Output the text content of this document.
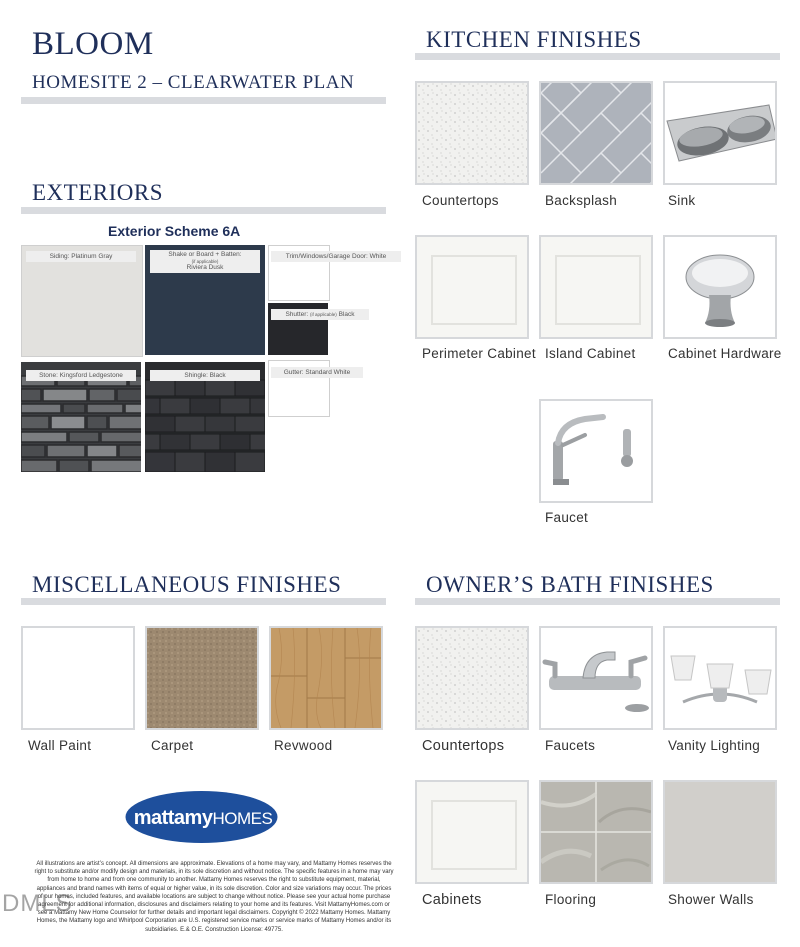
BLOOM
HOMESITE 2 – CLEARWATER PLAN
EXTERIORS
Exterior Scheme 6A
Siding: Platinum Gray	Shake or Board + Batten:
(if applicable)
Riviera Dusk
Trim/Windows/Garage Door: White
Shutter: (if applicable) Black
Gutter: Standard White
Stone: Kingsford Ledgestone	Shingle: Black
KITCHEN FINISHES
Countertops	Backsplash	Sink
Perimeter Cabinet Island Cabinet Cabinet Hardware
Faucet
MISCELLANEOUS FINISHES
Wall Paint	Carpet	Revwood
mattamyHOMES
All illustrations are artist’s concept. All dimensions are approximate. Elevations of a home may vary, and Mattamy Homes reserves the right to substitute and/or modify design and materials, in its sole discretion and without notice. The specific features in a home may vary from home to home and from one community to another. Mattamy Homes reserves the right to substitute equipment, material, appliances and brand names with items of equal or higher value, in its sole discretion. Color and size variations may occur. The prices of our homes, included features, and available locations are subject to change without notice. Please see your actual home purchase agreement for additional information, disclosures and disclaimers relating to your home and its features. Visit MattamyHomes.com or see a Mattamy New Home Counselor for further details and important legal disclaimers. Copyright © 2022 Mattamy Homes. Mattamy Homes, the Mattamy logo and Whirlpool Corporation are U.S. registered service marks or service marks of Mattamy Homes and/or its subsidiaries. E.& O.E. Construction License: 49775.
DMLS
OWNER’S BATH FINISHES
Countertops	Faucets	Vanity Lighting
Cabinets	Flooring	Shower Walls
